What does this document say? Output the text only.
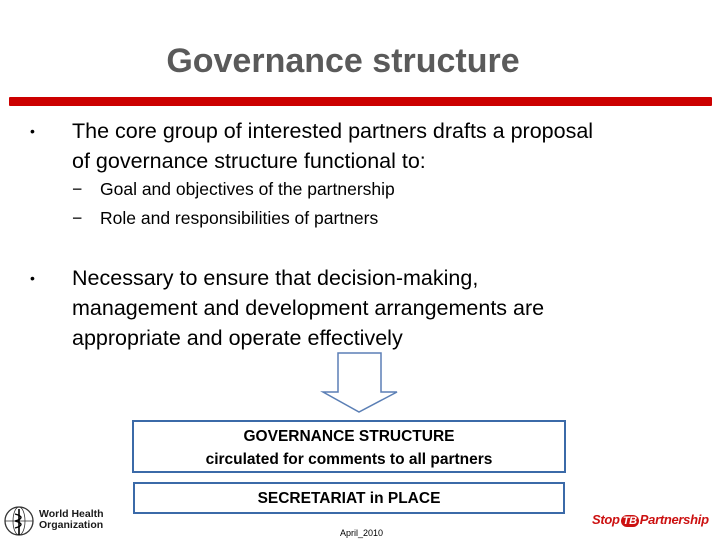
Governance structure
• The core group of interested partners drafts a proposal
of governance structure functional to:
− Goal and objectives of the partnership
− Role and responsibilities of partners
• Necessary to ensure that decision-making,
management and development arrangements are
appropriate and operate effectively
GOVERNANCE STRUCTURE
circulated for comments to all partners
SECRETARIAT in PLACE
World Health
Organization
April_2010
Stop TB Partnership
